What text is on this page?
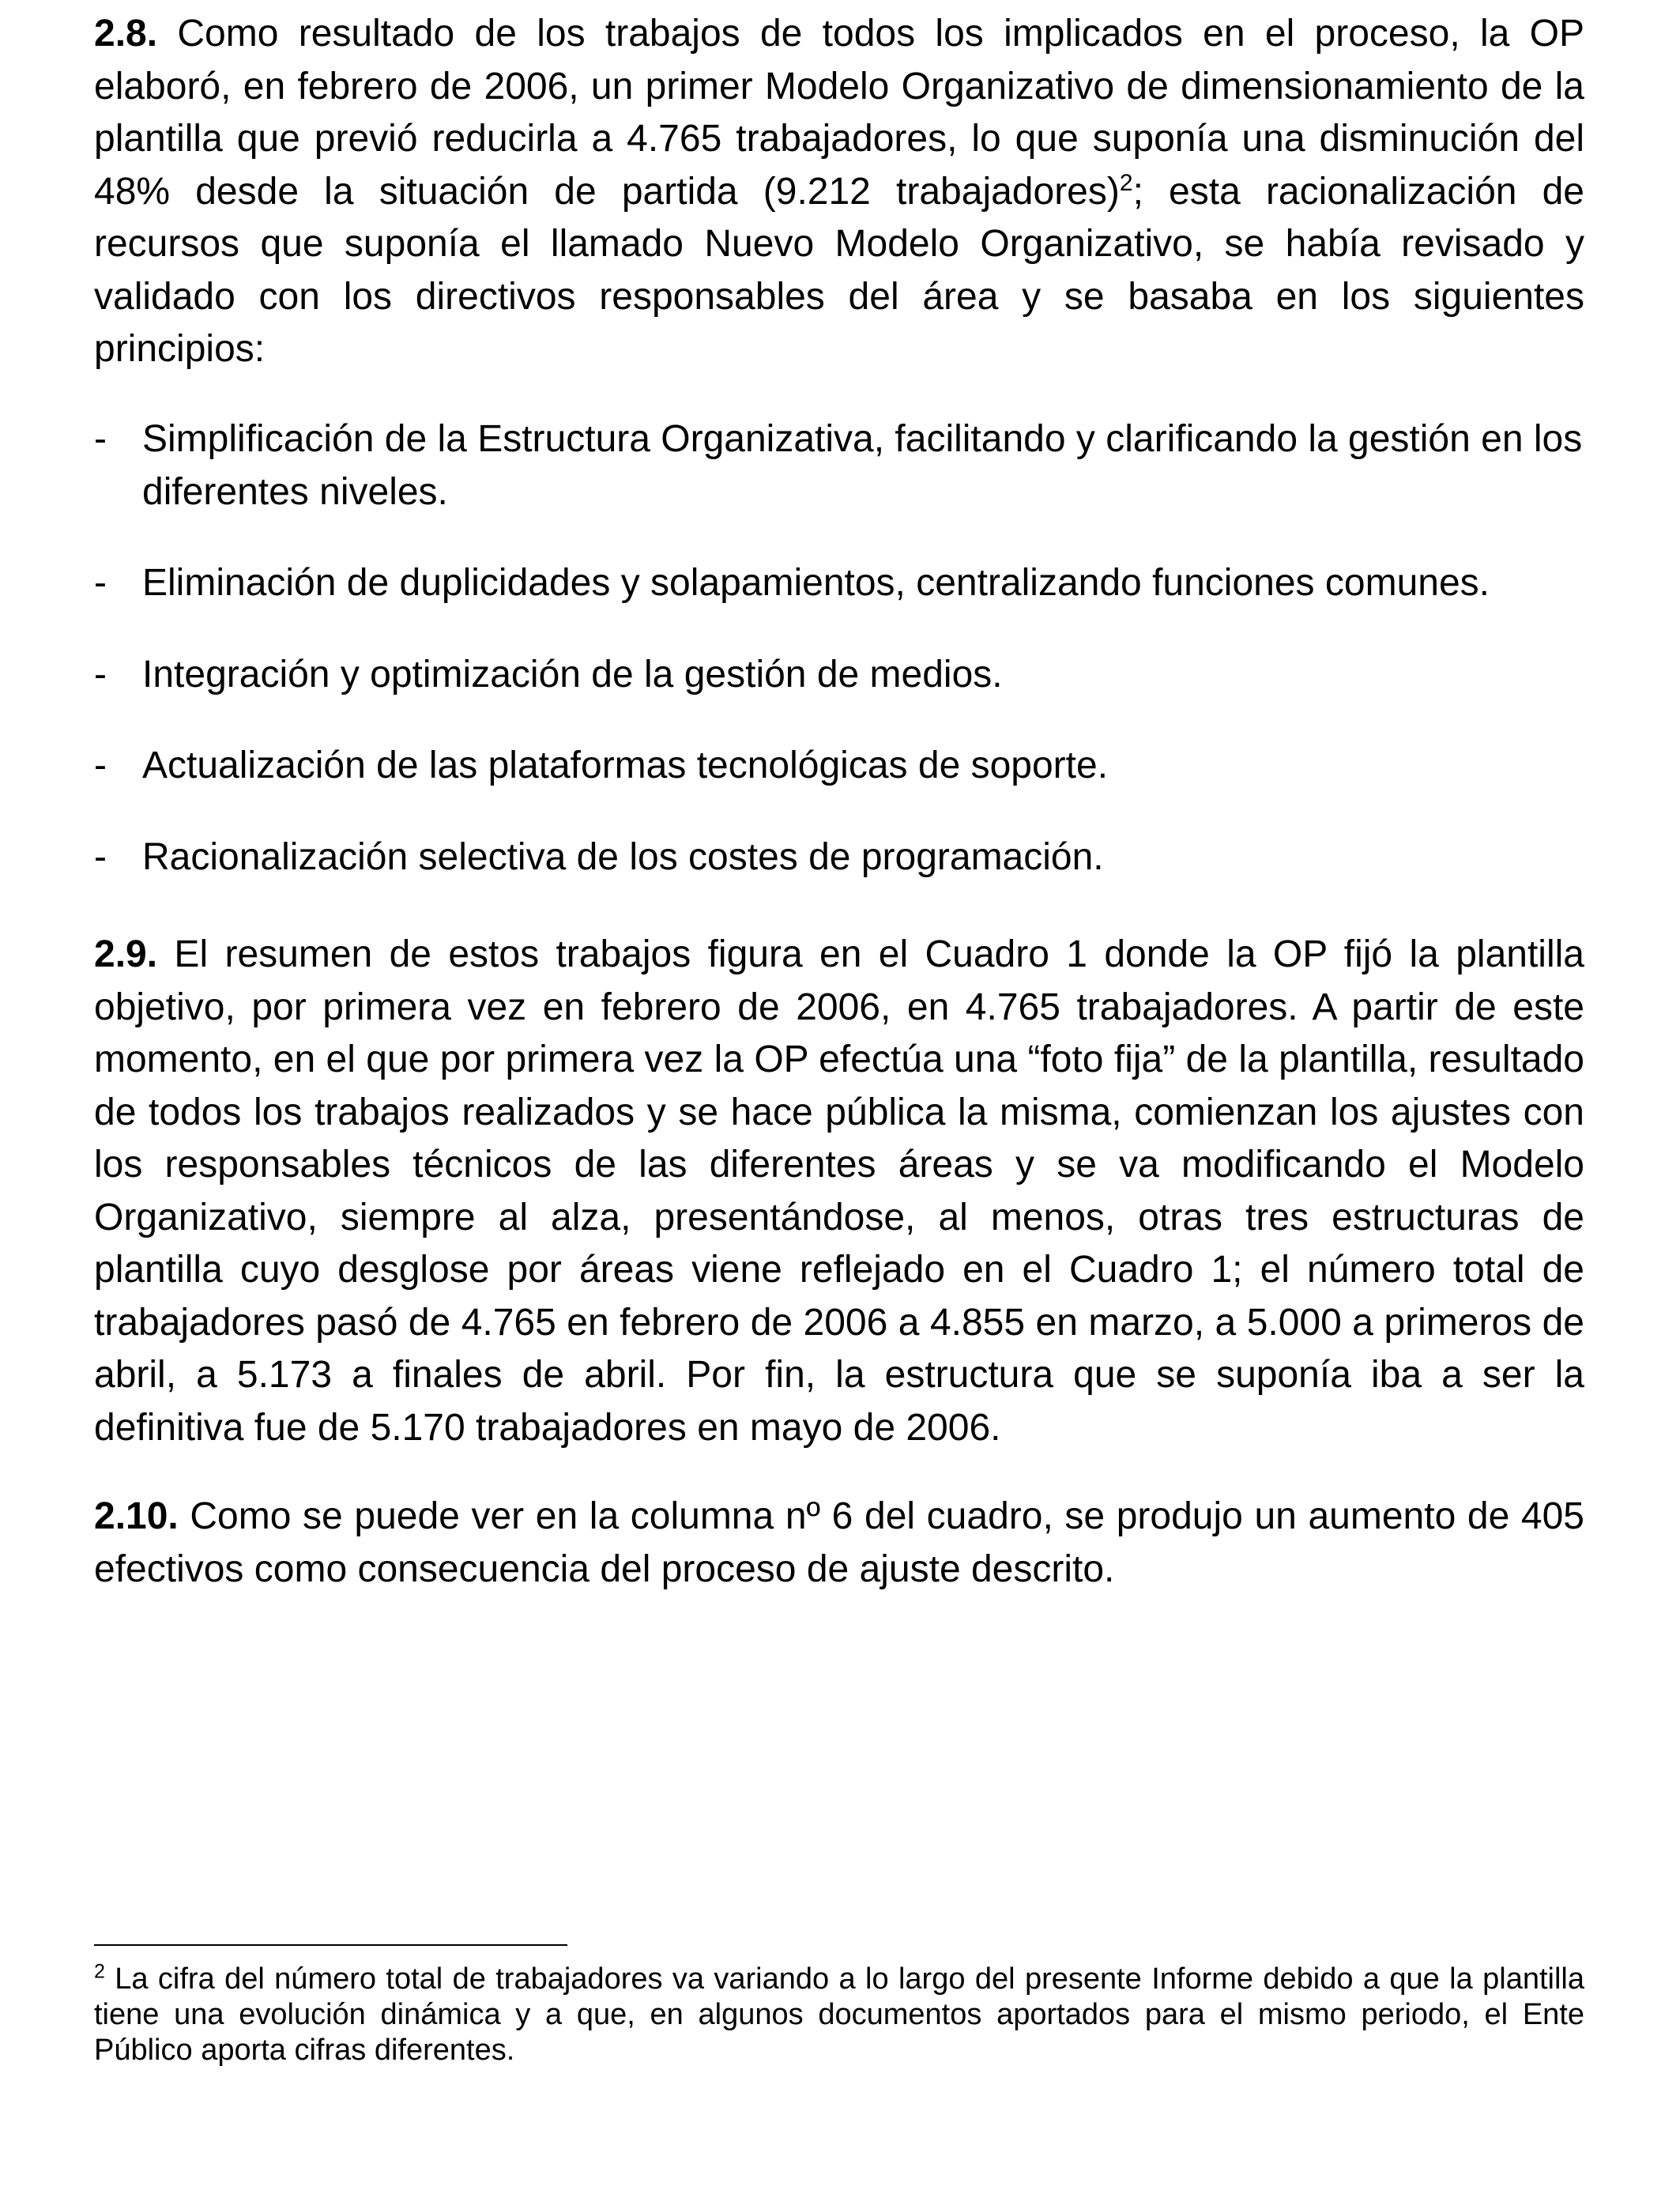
2.8. Como resultado de los trabajos de todos los implicados en el proceso, la OP elaboró, en febrero de 2006, un primer Modelo Organizativo de dimensionamiento de la plantilla que previó reducirla a 4.765 trabajadores, lo que suponía una disminución del 48% desde la situación de partida (9.212 trabajadores)$^2$; esta racionalización de recursos que suponía el llamado Nuevo Modelo Organizativo, se había revisado y validado con los directivos responsables del área y se basaba en los siguientes principios:

- Simplificación de la Estructura Organizativa, facilitando y clarificando la gestión en los diferentes niveles.
- Eliminación de duplicidades y solapamientos, centralizando funciones comunes.
- Integración y optimización de la gestión de medios.
- Actualización de las plataformas tecnológicas de soporte.
- Racionalización selectiva de los costes de programación.

2.9. El resumen de estos trabajos figura en el Cuadro 1 donde la OP fijó la plantilla objetivo, por primera vez en febrero de 2006, en 4.765 trabajadores. A partir de este momento, en el que por primera vez la OP efectúa una “foto fija” de la plantilla, resultado de todos los trabajos realizados y se hace pública la misma, comienzan los ajustes con los responsables técnicos de las diferentes áreas y se va modificando el Modelo Organizativo, siempre al alza, presentándose, al menos, otras tres estructuras de plantilla cuyo desglose por áreas viene reflejado en el Cuadro 1; el número total de trabajadores pasó de 4.765 en febrero de 2006 a 4.855 en marzo, a 5.000 a primeros de abril, a 5.173 a finales de abril. Por fin, la estructura que se suponía iba a ser la definitiva fue de 5.170 trabajadores en mayo de 2006.

2.10. Como se puede ver en la columna nº 6 del cuadro, se produjo un aumento de 405 efectivos como consecuencia del proceso de ajuste descrito.

$^2$ La cifra del número total de trabajadores va variando a lo largo del presente Informe debido a que la plantilla tiene una evolución dinámica y a que, en algunos documentos aportados para el mismo periodo, el Ente Público aporta cifras diferentes.
